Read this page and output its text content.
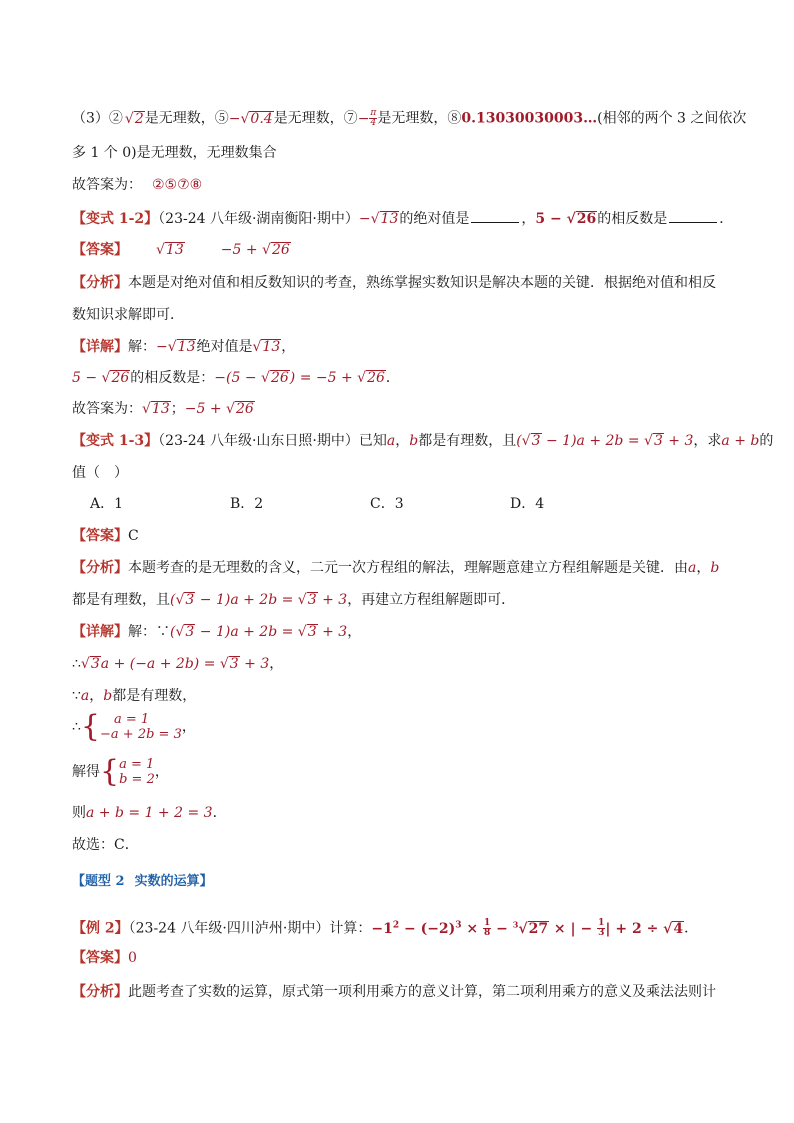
（3）② √2是无理数，⑤−√0.4是无理数，⑦− $\frac{\pi}{4}$ 是无理数，⑧0.13030030003…(相邻的两个 3 之间依次
多 1 个 0)是无理数，无理数集合
故答案为： ②⑤⑦⑧
【变式 1-2】（23-24 八年级·湖南衡阳·期中）−√13的绝对值是	，5 − √26的相反数是	．
【答案】 √13	−5 + √26
【分析】本题是对绝对值和相反数知识的考查，熟练掌握实数知识是解决本题的关键．根据绝对值和相反
数知识求解即可．
【详解】解：−√13绝对值是√13，
5 − √26的相反数是：−(5 − √26) = −5 + √26．
故答案为：√13；−5 + √26
【变式 1-3】（23-24 八年级·山东日照·期中）已知a，b都是有理数，且(√3 − 1)a + 2b = √3 + 3，求a + b的
值（　）
A．1	B．2	C．3	D．4
【答案】C
【分析】本题考查的是无理数的含义，二元一次方程组的解法，理解题意建立方程组解题是关键．由a，b
都是有理数，且(√3 − 1)a + 2b = √3 + 3，再建立方程组解题即可．
【详解】解：∵(√3 − 1)a + 2b = √3 + 3，
∴√3a + (−a + 2b) = √3 + 3，
∵a，b都是有理数，
∴{	a = 1
−a + 2b = 3 ，
解得{ a = 1
b = 2 ，
则a + b = 1 + 2 = 3．
故选：C．
【题型 2 实数的运算】
【例 2】（23-24 八年级·四川泸州·期中）计算：$-1^2 - (-2)^3 \times \frac{1}{8} - ^3√27$ × | − $\frac{1}{3}$ | + 2 ÷ √4．
【答案】0
【分析】此题考查了实数的运算，原式第一项利用乘方的意义计算，第二项利用乘方的意义及乘法法则计
